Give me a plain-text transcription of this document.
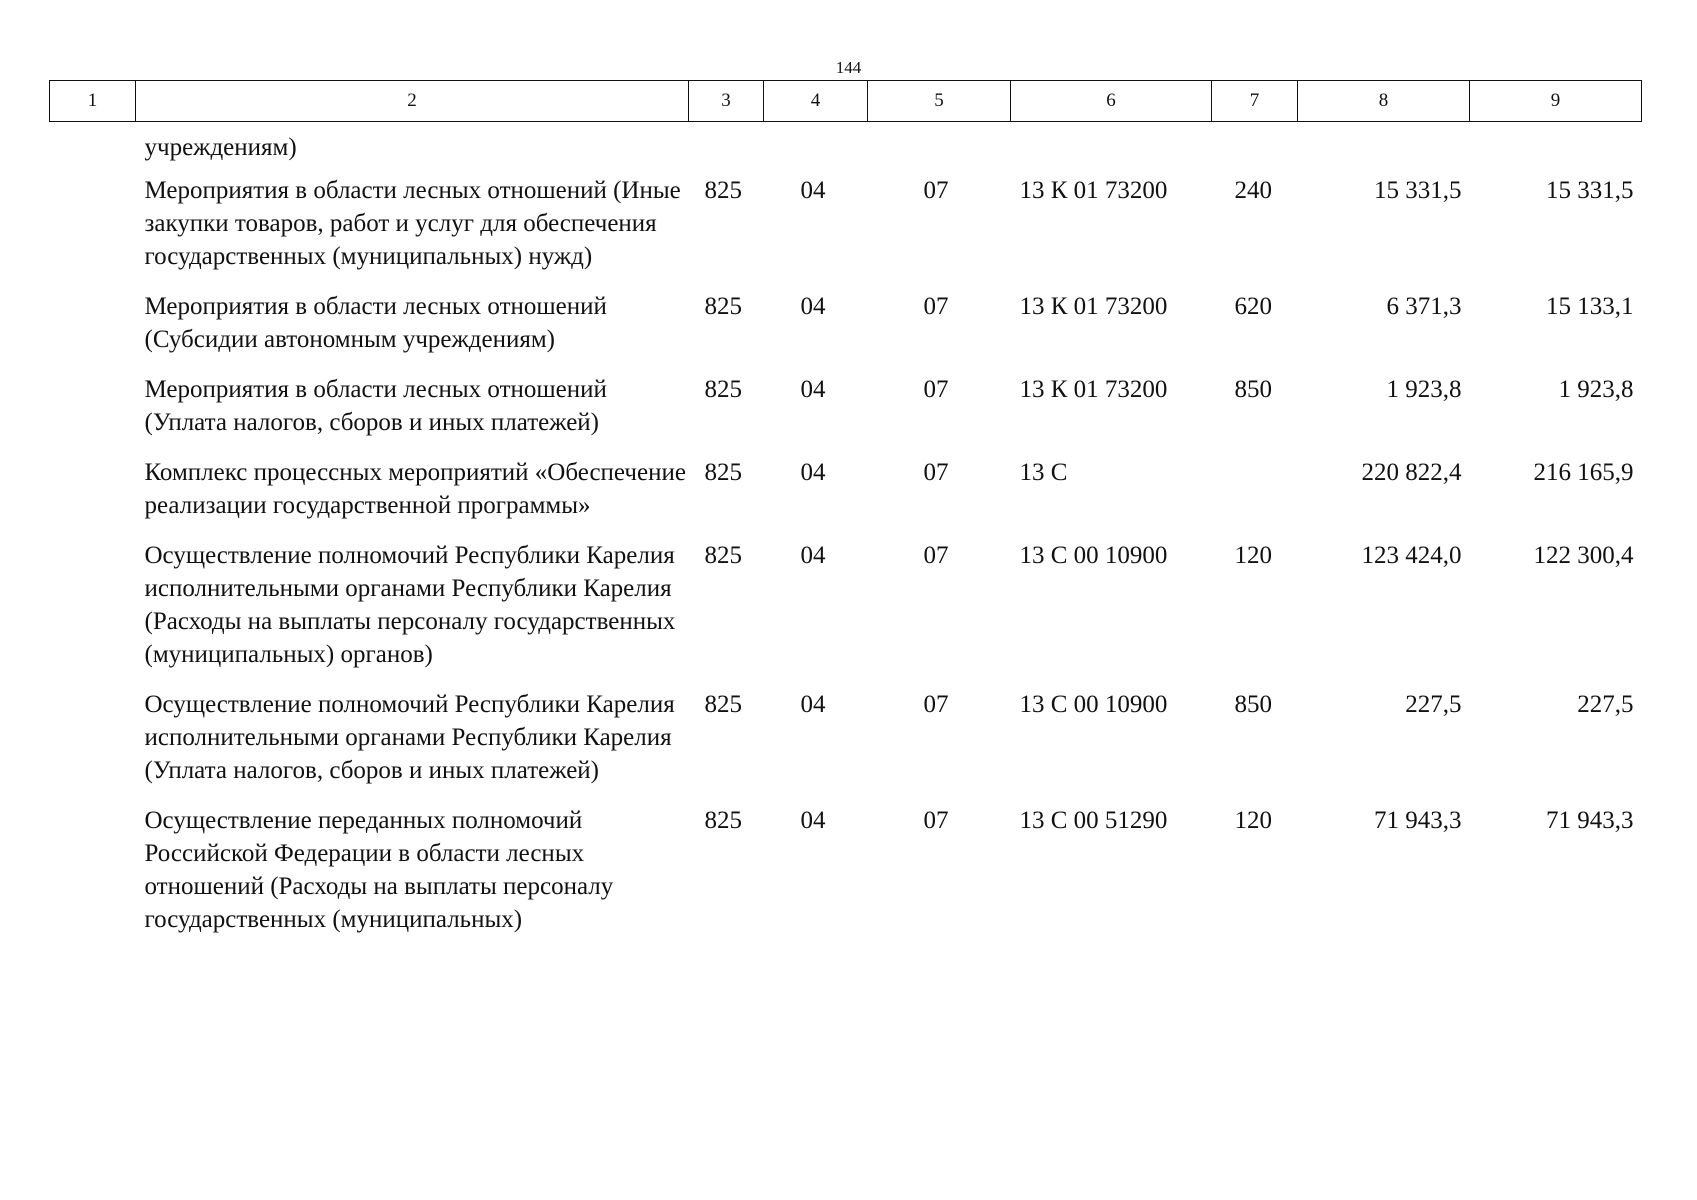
144
1	2	3	4	5	6	7	8	9
учреждениям)								
Мероприятия в области лесных отношений (Иные закупки товаров, работ и услуг для обеспечения государственных (муниципальных) нужд)		825	04	07	13 К 01 73200	240	15 331,5	15 331,5
Мероприятия в области лесных отношений (Субсидии автономным учреждениям)		825	04	07	13 К 01 73200	620	6 371,3	15 133,1
Мероприятия в области лесных отношений (Уплата налогов, сборов и иных платежей)		825	04	07	13 К 01 73200	850	1 923,8	1 923,8
Комплекс процессных мероприятий «Обеспечение реализации государственной программы»		825	04	07	13 С		220 822,4	216 165,9
Осуществление полномочий Республики Карелия исполнительными органами Республики Карелия (Расходы на выплаты персоналу государственных (муниципальных) органов)		825	04	07	13 С 00 10900	120	123 424,0	122 300,4
Осуществление полномочий Республики Карелия исполнительными органами Республики Карелия (Уплата налогов, сборов и иных платежей)		825	04	07	13 С 00 10900	850	227,5	227,5
Осуществление переданных полномочий Российской Федерации в области лесных отношений (Расходы на выплаты персоналу государственных (муниципальных)		825	04	07	13 С 00 51290	120	71 943,3	71 943,3
